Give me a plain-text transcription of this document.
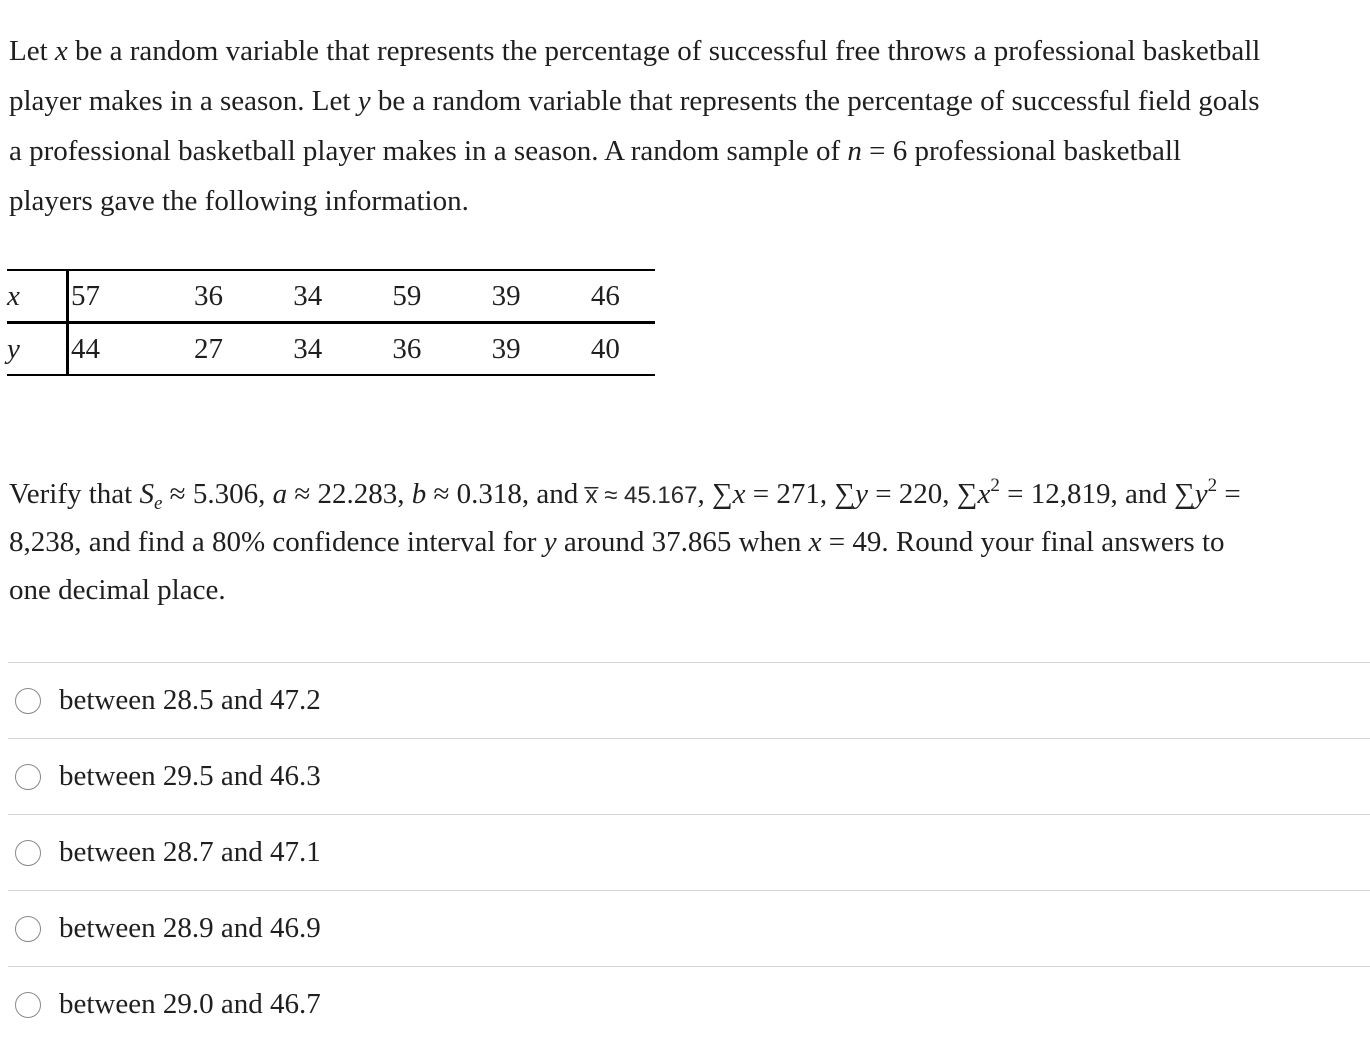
Let x be a random variable that represents the percentage of successful free throws a professional basketball
player makes in a season. Let y be a random variable that represents the percentage of successful field goals
a professional basketball player makes in a season. A random sample of n = 6 professional basketball
players gave the following information.
x	57	36	34	59	39	46
y	44	27	34	36	39	40
Verify that $S_e \approx 5.306$, a ≈ 22.283, b ≈ 0.318, and x̅ ≈ 45.167, ∑x = 271, ∑y = 220, $\sum x^2 = 12,819$, and $\sum y^2$ =
8,238, and find a 80% confidence interval for y around 37.865 when x = 49. Round your final answers to
one decimal place.
between 28.5 and 47.2
between 29.5 and 46.3
between 28.7 and 47.1
between 28.9 and 46.9
between 29.0 and 46.7
